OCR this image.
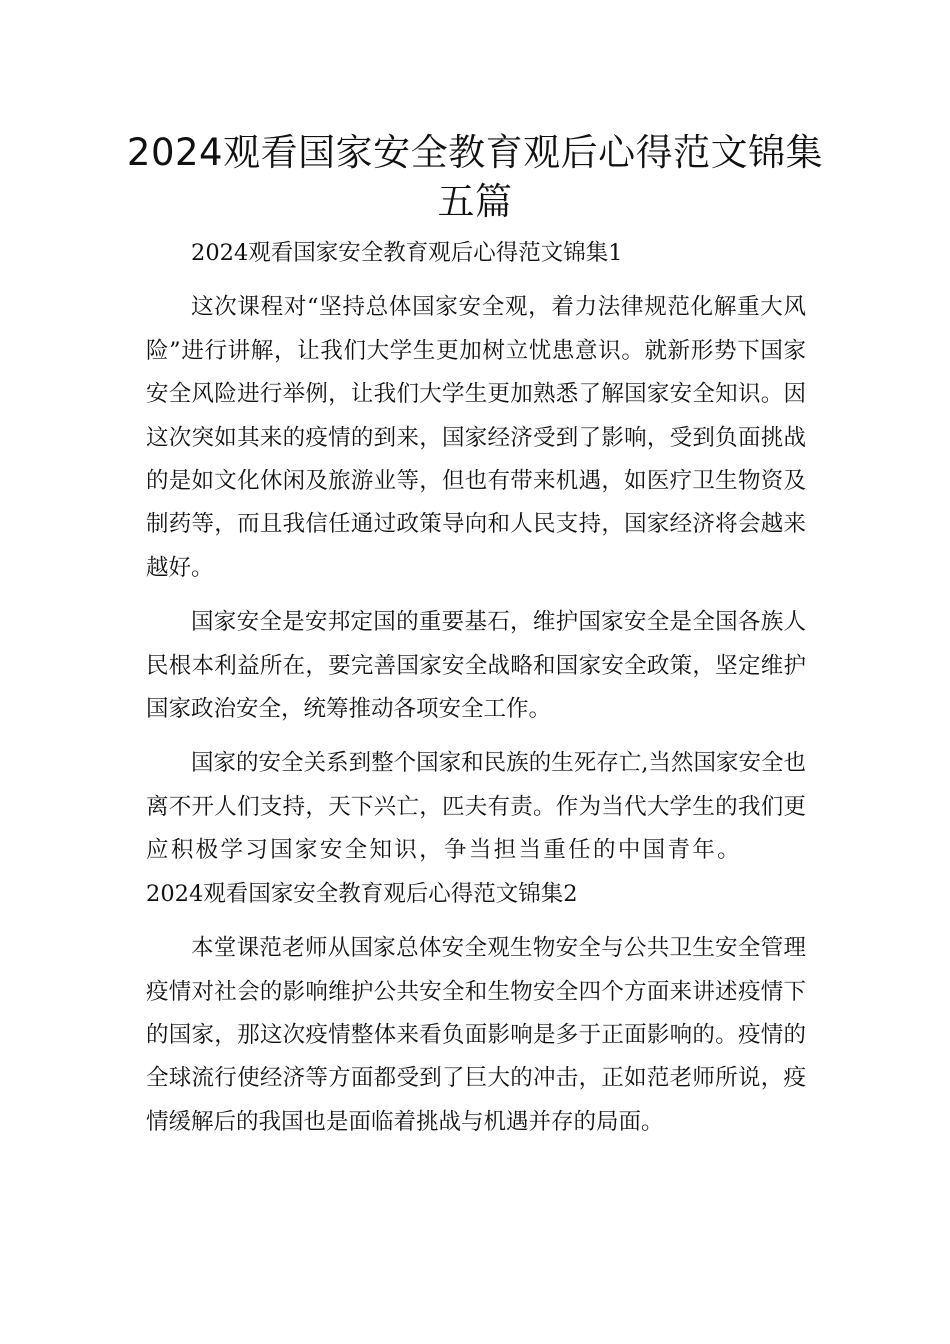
2024观看国家安全教育观后心得范文锦集五篇

2024观看国家安全教育观后心得范文锦集1

这次课程对“坚持总体国家安全观，着力法律规范化解重大风险”进行讲解，让我们大学生更加树立忧患意识。就新形势下国家安全风险进行举例，让我们大学生更加熟悉了解国家安全知识。因这次突如其来的疫情的到来，国家经济受到了影响，受到负面挑战的是如文化休闲及旅游业等，但也有带来机遇，如医疗卫生物资及制药等，而且我信任通过政策导向和人民支持，国家经济将会越来越好。

国家安全是安邦定国的重要基石，维护国家安全是全国各族人民根本利益所在，要完善国家安全战略和国家安全政策，坚定维护国家政治安全，统筹推动各项安全工作。

国家的安全关系到整个国家和民族的生死存亡,当然国家安全也离不开人们支持，天下兴亡，匹夫有责。作为当代大学生的我们更应积极学习国家安全知识，争当担当重任的中国青年。2024观看国家安全教育观后心得范文锦集2

本堂课范老师从国家总体安全观生物安全与公共卫生安全管理疫情对社会的影响维护公共安全和生物安全四个方面来讲述疫情下的国家，那这次疫情整体来看负面影响是多于正面影响的。疫情的全球流行使经济等方面都受到了巨大的冲击，正如范老师所说，疫情缓解后的我国也是面临着挑战与机遇并存的局面。
